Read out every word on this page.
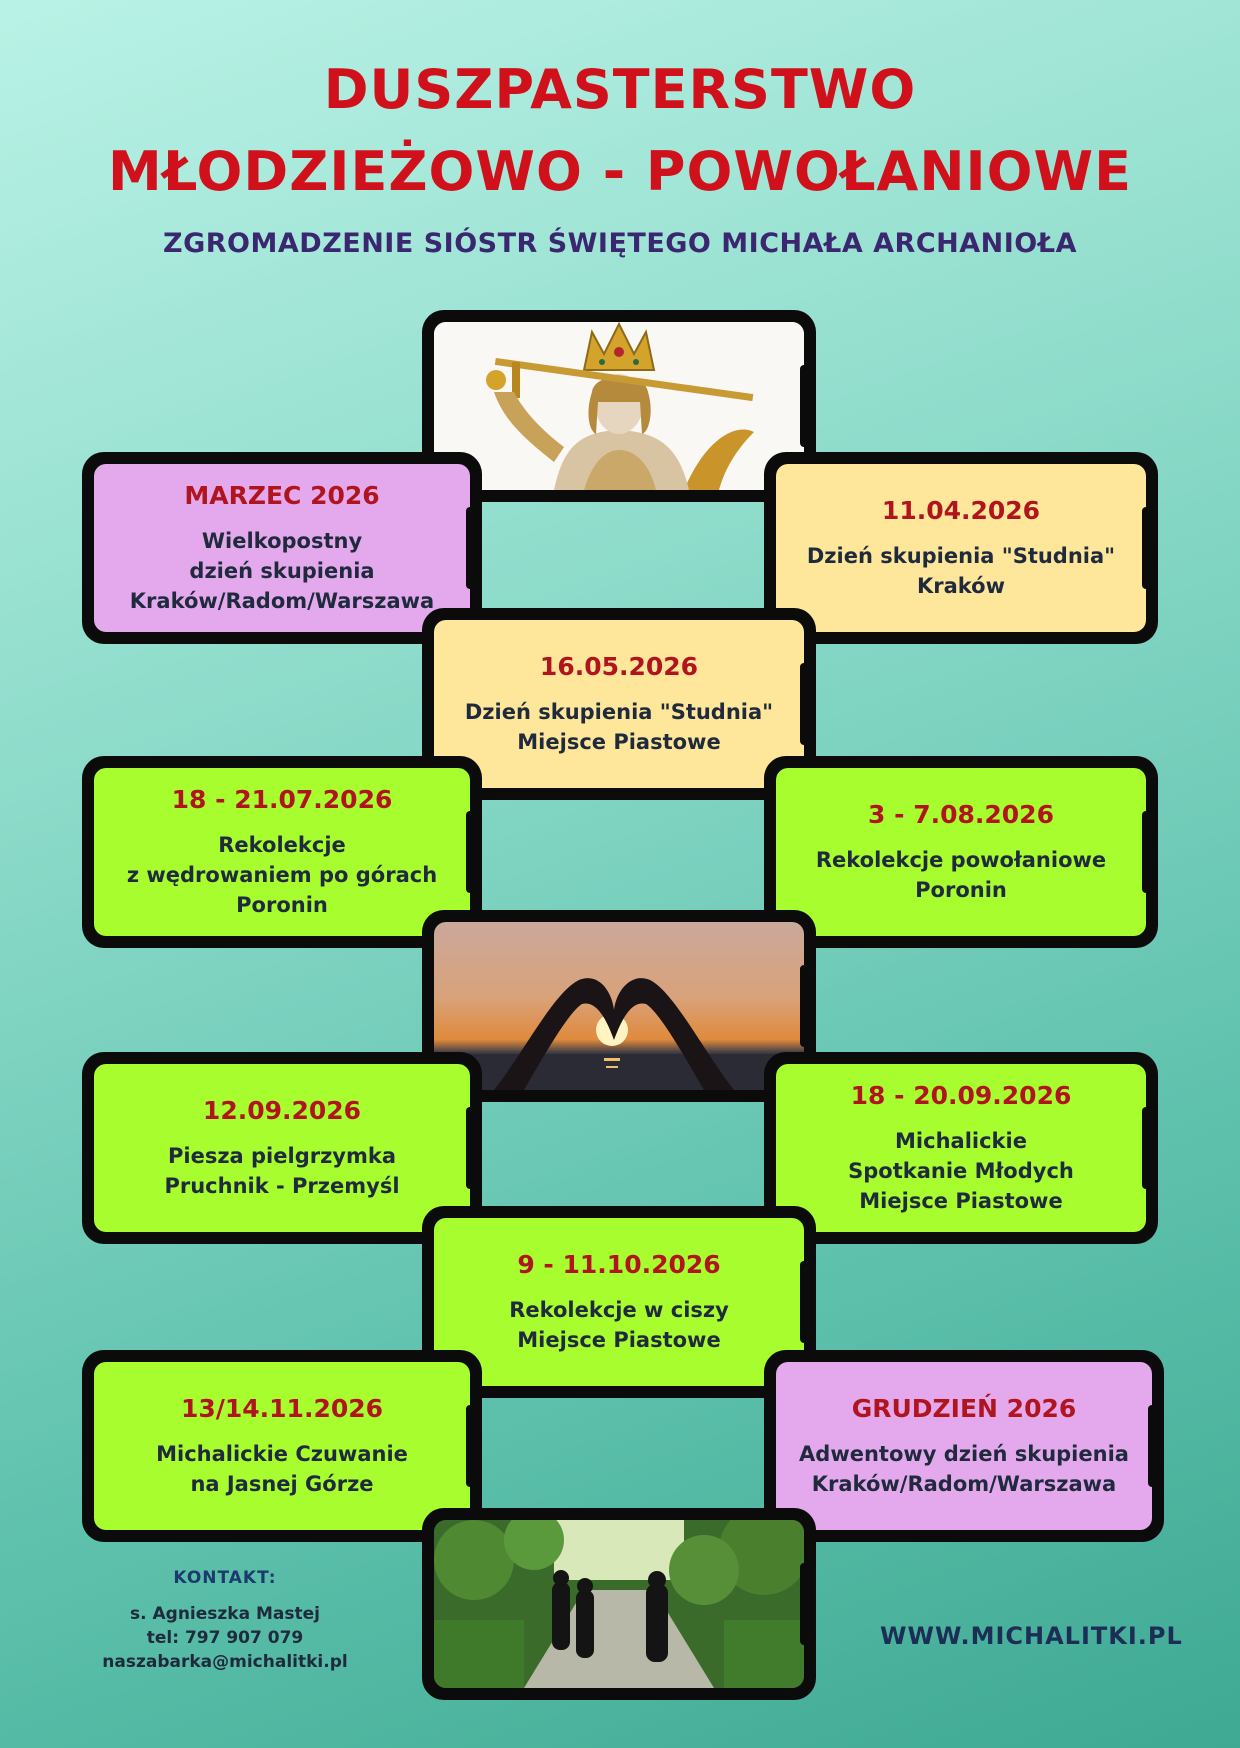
DUSZPASTERSTWO
MŁODZIEŻOWO - POWOŁANIOWE
ZGROMADZENIE SIÓSTR ŚWIĘTEGO MICHAŁA ARCHANIOŁA
MARZEC 2026
Wielkopostny
dzień skupienia
Kraków/Radom/Warszawa
11.04.2026
Dzień skupienia "Studnia"
Kraków
16.05.2026
Dzień skupienia "Studnia"
Miejsce Piastowe
18 - 21.07.2026
Rekolekcje
z wędrowaniem po górach
Poronin
3 - 7.08.2026
Rekolekcje powołaniowe
Poronin
12.09.2026
Piesza pielgrzymka
Pruchnik - Przemyśl
18 - 20.09.2026
Michalickie
Spotkanie Młodych
Miejsce Piastowe
9 - 11.10.2026
Rekolekcje w ciszy
Miejsce Piastowe
13/14.11.2026
Michalickie Czuwanie
na Jasnej Górze
GRUDZIEŃ 2026
Adwentowy dzień skupienia
Kraków/Radom/Warszawa
KONTAKT:
s. Agnieszka Mastej
tel: 797 907 079
naszabarka@michalitki.pl
WWW.MICHALITKI.PL
